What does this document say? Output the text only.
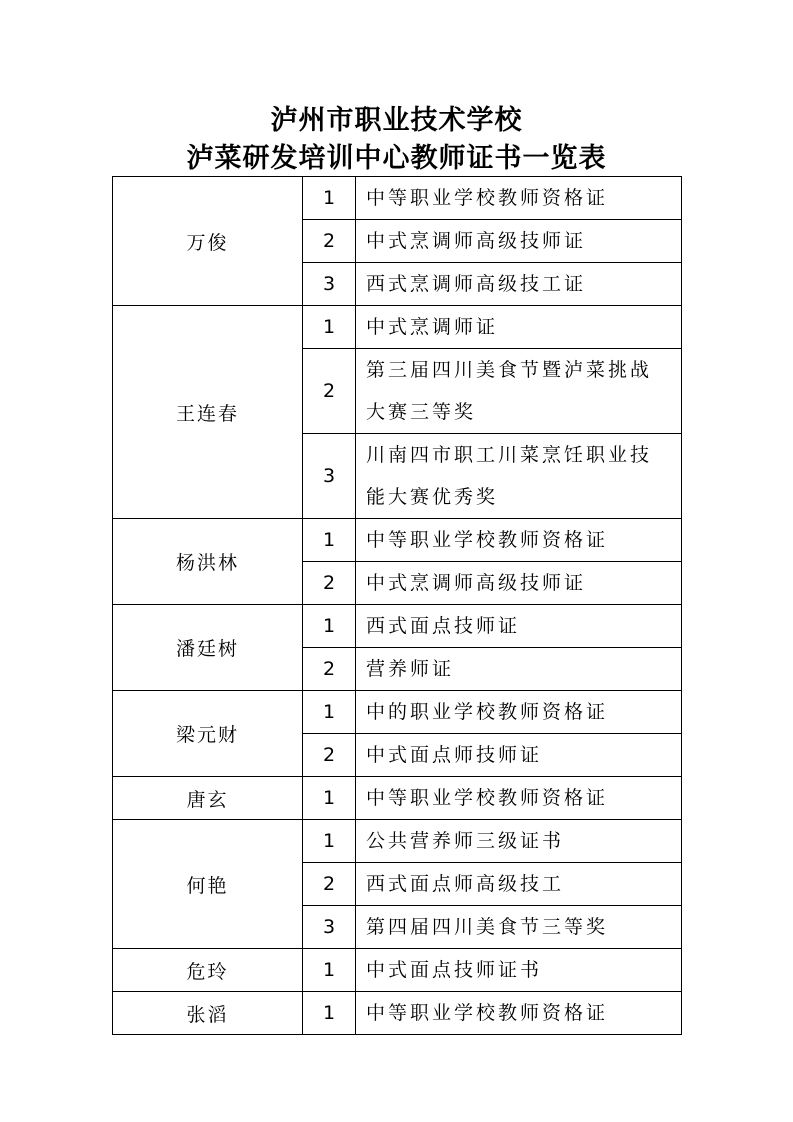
泸州市职业技术学校
泸菜研发培训中心教师证书一览表
万俊	1	中等职业学校教师资格证
	2	中式烹调师高级技师证
	3	西式烹调师高级技工证
王连春	1	中式烹调师证
	2	第三届四川美食节暨泸菜挑战大赛三等奖
	3	川南四市职工川菜烹饪职业技能大赛优秀奖
杨洪林	1	中等职业学校教师资格证
	2	中式烹调师高级技师证
潘廷树	1	西式面点技师证
	2	营养师证
梁元财	1	中的职业学校教师资格证
	2	中式面点师技师证
唐玄	1	中等职业学校教师资格证
何艳	1	公共营养师三级证书
	2	西式面点师高级技工
	3	第四届四川美食节三等奖
危玲	1	中式面点技师证书
张滔	1	中等职业学校教师资格证
